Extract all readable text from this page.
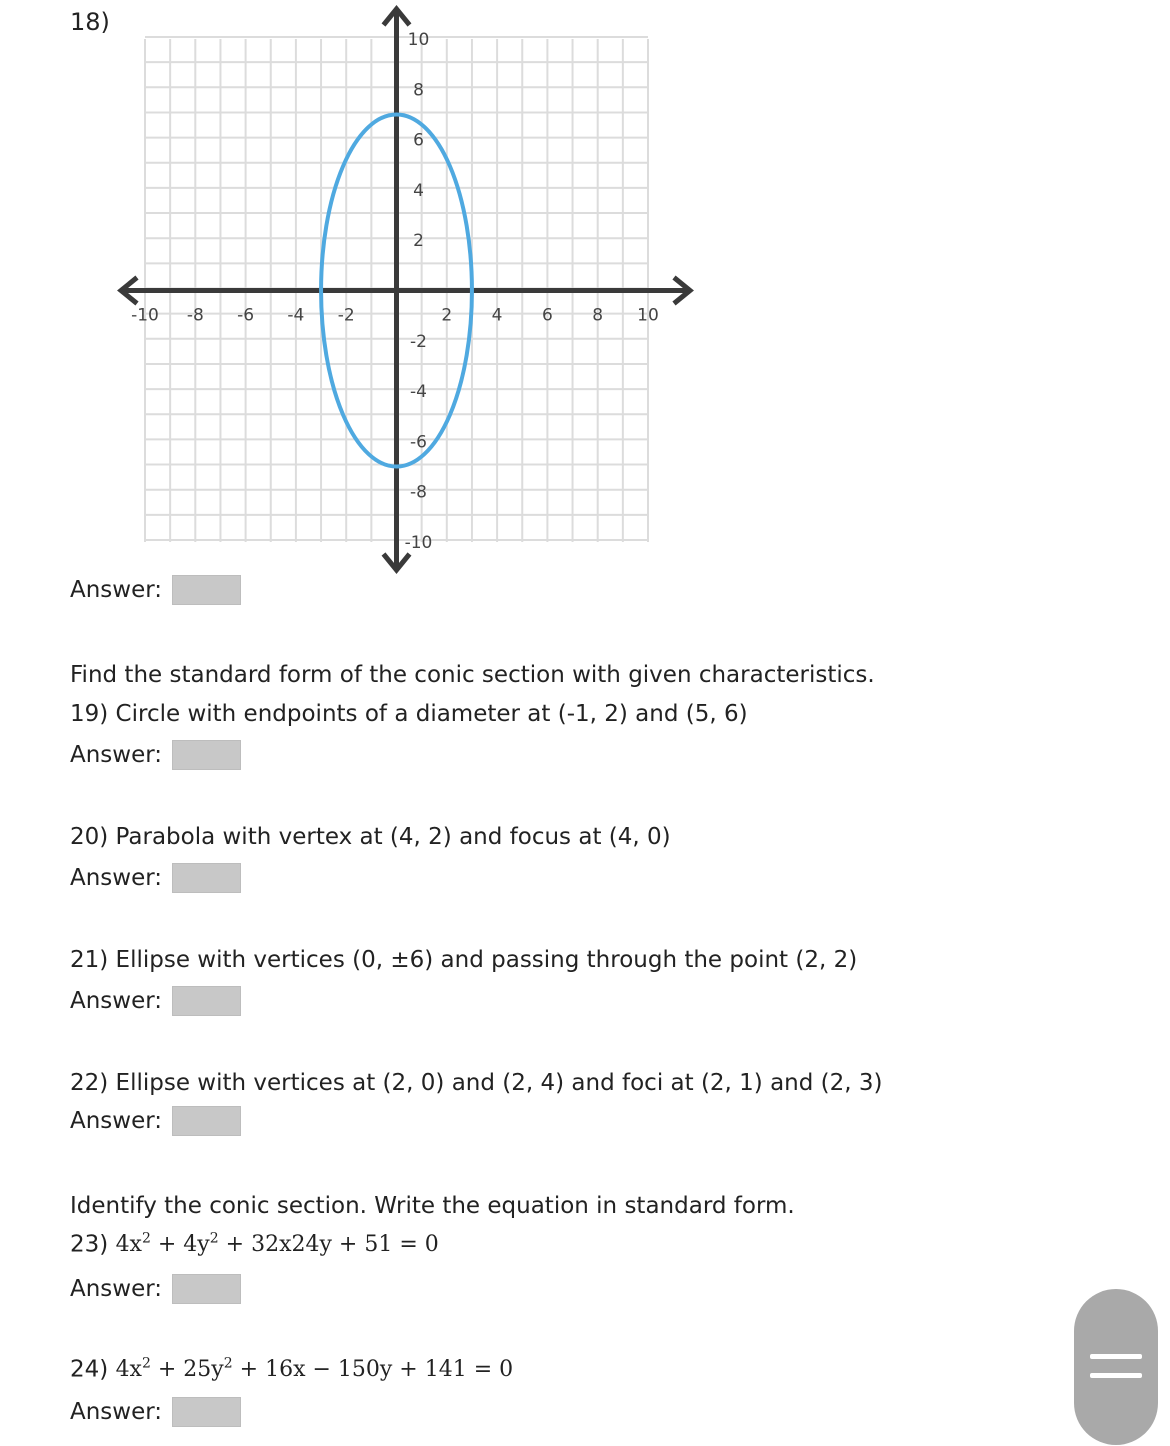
18)
-10 -8 -6 -4 -2	2 4 6 8 10
10
8
6
4
2
-2
-4
-6
-8
-10
Answer:
Find the standard form of the conic section with given characteristics.
19) Circle with endpoints of a diameter at (-1, 2) and (5, 6)
Answer:
20) Parabola with vertex at (4, 2) and focus at (4, 0)
Answer:
21) Ellipse with vertices (0, ±6) and passing through the point (2, 2)
Answer:
22) Ellipse with vertices at (2, 0) and (2, 4) and foci at (2, 1) and (2, 3)
Answer:
Identify the conic section. Write the equation in standard form.
23) $4x^2 + 4y^2 + 32x24y + 51 = 0$
Answer:
24) $4x^2 + 25y^2 + 16x - 150y + 141 = 0$
Answer:
